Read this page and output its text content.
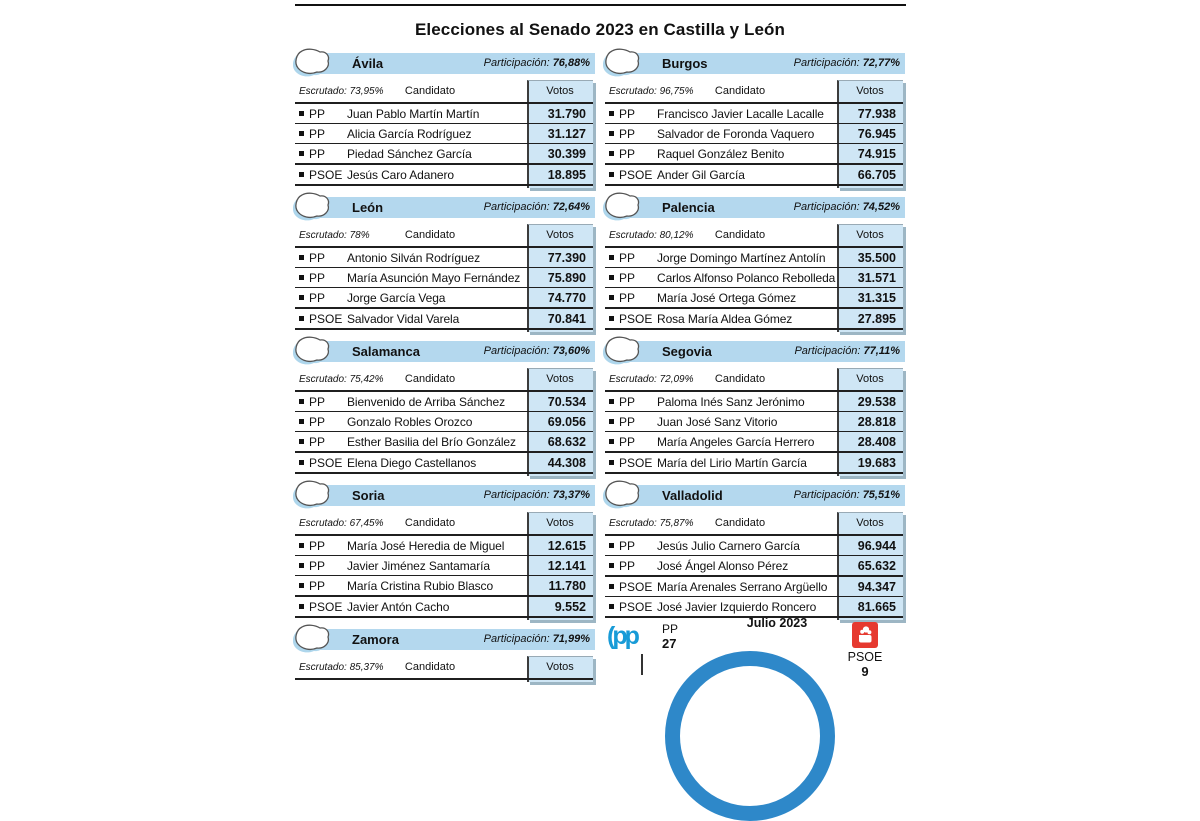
Elecciones al Senado 2023 en Castilla y León
Ávila	Participación: 76,88%
Escrutado: 73,95%	Candidato	Votos
PP	Juan Pablo Martín Martín	31.790
PP	Alicia García Rodríguez	31.127
PP	Piedad Sánchez García	30.399
PSOE Jesús Caro Adanero	18.895
Burgos	Participación: 72,77%
Escrutado: 96,75%	Candidato	Votos
PP	Francisco Javier Lacalle Lacalle	77.938
PP	Salvador de Foronda Vaquero	76.945
PP	Raquel González Benito	74.915
PSOE Ander Gil García	66.705
León	Participación: 72,64%
Escrutado: 78%	Candidato	Votos
PP	Antonio Silván Rodríguez	77.390
PP	María Asunción Mayo Fernández	75.890
PP	Jorge García Vega	74.770
PSOE Salvador Vidal Varela	70.841
Palencia	Participación: 74,52%
Escrutado: 80,12%	Candidato	Votos
PP	Jorge Domingo Martínez Antolín	35.500
PP	Carlos Alfonso Polanco Rebolleda	31.571
PP	María José Ortega Gómez	31.315
PSOE Rosa María Aldea Gómez	27.895
Salamanca	Participación: 73,60%
Escrutado: 75,42%	Candidato	Votos
PP	Bienvenido de Arriba Sánchez	70.534
PP	Gonzalo Robles Orozco	69.056
PP	Esther Basilia del Brío González	68.632
PSOE Elena Diego Castellanos	44.308
Segovia	Participación: 77,11%
Escrutado: 72,09%	Candidato	Votos
PP	Paloma Inés Sanz Jerónimo	29.538
PP	Juan José Sanz Vitorio	28.818
PP	María Angeles García Herrero	28.408
PSOE María del Lirio Martín García	19.683
Soria	Participación: 73,37%
Escrutado: 67,45%	Candidato	Votos
PP	María José Heredia de Miguel	12.615
PP	Javier Jiménez Santamaría	12.141
PP	María Cristina Rubio Blasco	11.780
PSOE Javier Antón Cacho	9.552
Valladolid	Participación: 75,51%
Escrutado: 75,87%	Candidato	Votos
PP	Jesús Julio Carnero García	96.944
PP	José Ángel Alonso Pérez	65.632
PSOE María Arenales Serrano Argüello	94.347
PSOE José Javier Izquierdo Roncero	81.665
Zamora	Participación: 71,99%
Escrutado: 85,37%	Candidato	Votos
Julio 2023
(pp PP
27
PSOE
9
